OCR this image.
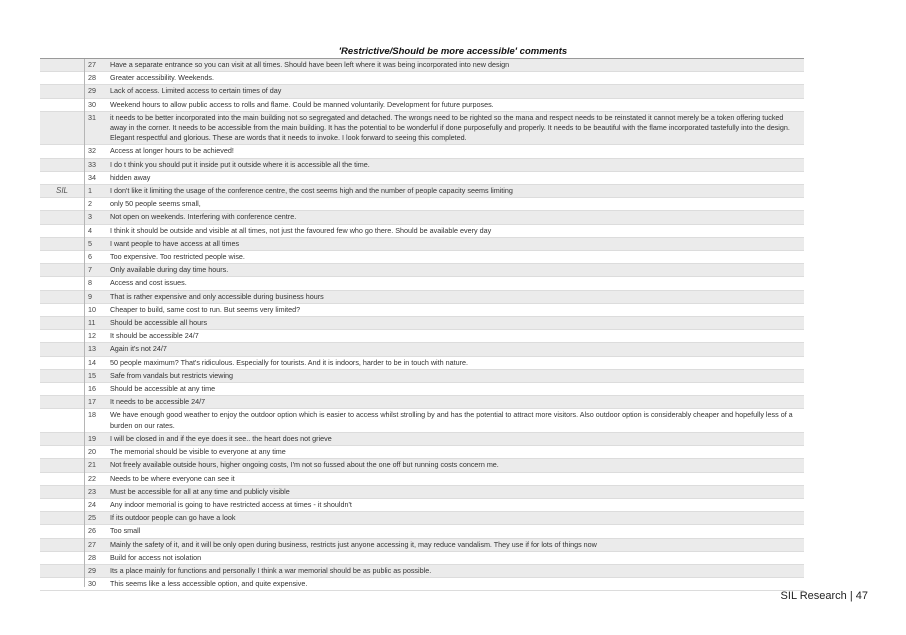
'Restrictive/Should be more accessible' comments
27	Have a separate entrance so you can visit at all times. Should have been left where it was being incorporated into new design
28	Greater accessibility. Weekends.
29	Lack of access. Limited access to certain times of day
30	Weekend hours to allow public access to rolls and flame. Could be manned voluntarily. Development for future purposes.
31	it needs to be better incorporated into the main building not so segregated and detached. The wrongs need to be righted so the mana and respect needs to be reinstated it cannot merely be a token offering tucked away in the corner. It needs to be accessible from the main building. It has the potential to be wonderful if done purposefully and properly. It needs to be beautiful with the flame incorporated tastefully into the design. Elegant respectful and glorious. These are words that it needs to invoke. I look forward to seeing this completed.
32	Access at longer hours to be achieved!
33	I do t think you should put it inside put it outside where it is accessible all the time.
34	hidden away
SIL	1	I don't like it limiting the usage of the conference centre, the cost seems high and the number of people capacity seems limiting
2	only 50 people seems small,
3	Not open on weekends. Interfering with conference centre.
4	I think it should be outside and visible at all times, not just the favoured few who go there. Should be available every day
5	I want people to have access at all times
6	Too expensive. Too restricted people wise.
7	Only available during day time hours.
8	Access and cost issues.
9	That is rather expensive and only accessible during business hours
10	Cheaper to build, same cost to run. But seems very limited?
11	Should be accessible all hours
12	It should be accessible 24/7
13	Again it's not 24/7
14	50 people maximum? That's ridiculous. Especially for tourists. And it is indoors, harder to be in touch with nature.
15	Safe from vandals but restricts viewing
16	Should be accessible at any time
17	It needs to be accessible 24/7
18	We have enough good weather to enjoy the outdoor option which is easier to access whilst strolling by and has the potential to attract more visitors. Also outdoor option is considerably cheaper and hopefully less of a burden on our rates.
19	I will be closed in and if the eye does it see.. the heart does not grieve
20	The memorial should be visible to everyone at any time
21	Not freely available outside hours, higher ongoing costs, I'm not so fussed about the one off but running costs concern me.
22	Needs to be where everyone can see it
23	Must be accessible for all at any time and publicly visible
24	Any indoor memorial is going to have restricted access at times - it shouldn't
25	If its outdoor people can go have a look
26	Too small
27	Mainly the safety of it, and it will be only open during business, restricts just anyone accessing it, may reduce vandalism. They use if for lots of things now
28	Build for access not isolation
29	Its a place mainly for functions and personally I think a war memorial should be as public as possible.
30	This seems like a less accessible option, and quite expensive.
SIL Research | 47
